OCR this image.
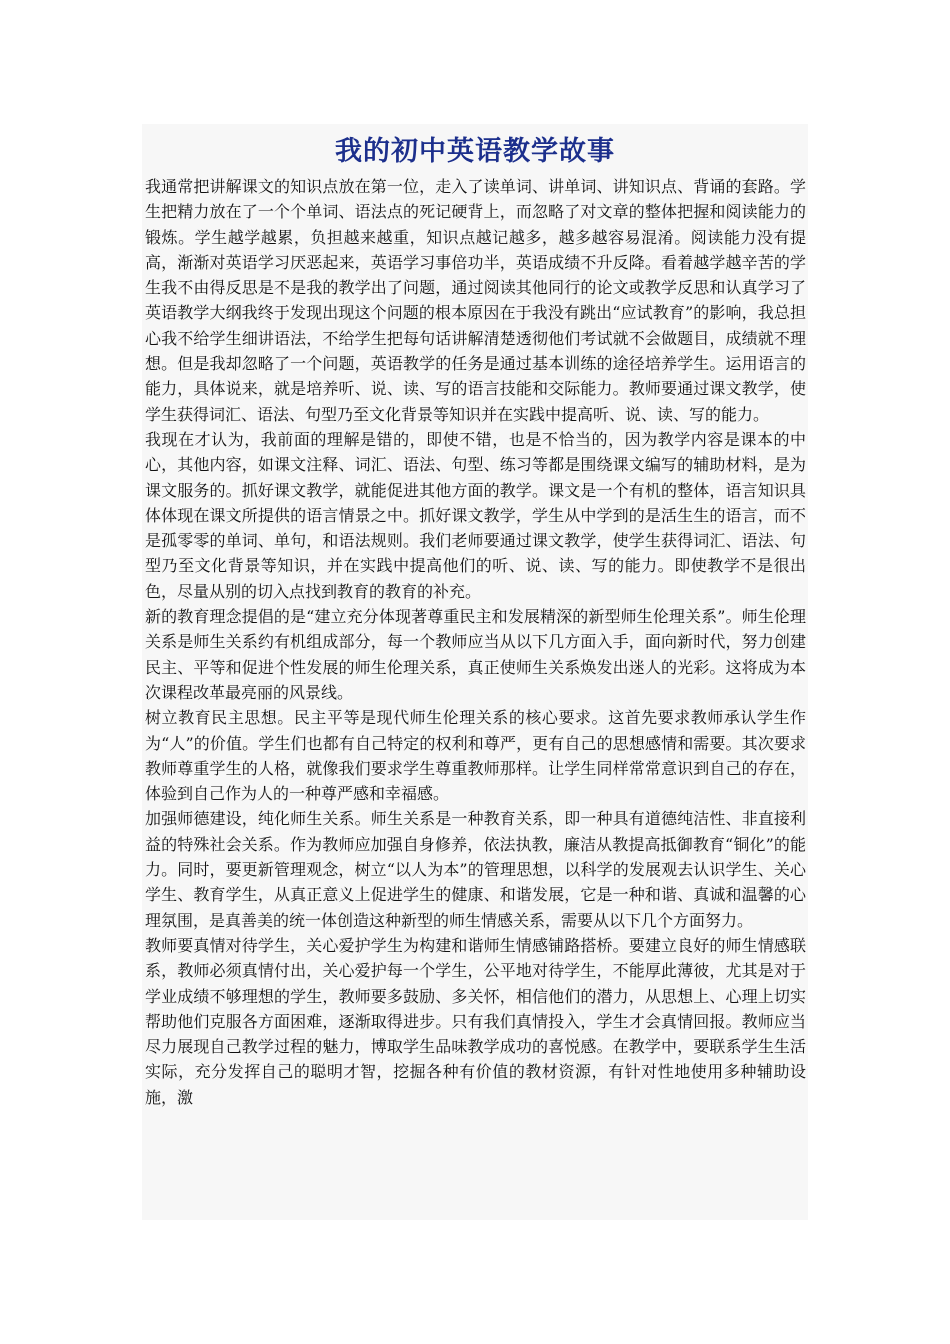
我的初中英语教学故事

我通常把讲解课文的知识点放在第一位，走入了读单词、讲单词、讲知识点、背诵的套路。学生把精力放在了一个个单词、语法点的死记硬背上，而忽略了对文章的整体把握和阅读能力的锻炼。学生越学越累，负担越来越重，知识点越记越多，越多越容易混淆。阅读能力没有提高，渐渐对英语学习厌恶起来，英语学习事倍功半，英语成绩不升反降。看着越学越辛苦的学生我不由得反思是不是我的教学出了问题，通过阅读其他同行的论文或教学反思和认真学习了英语教学大纲我终于发现出现这个问题的根本原因在于我没有跳出“应试教育”的影响，我总担心我不给学生细讲语法，不给学生把每句话讲解清楚透彻他们考试就不会做题目，成绩就不理想。但是我却忽略了一个问题，英语教学的任务是通过基本训练的途径培养学生。运用语言的能力，具体说来，就是培养听、说、读、写的语言技能和交际能力。教师要通过课文教学，使学生获得词汇、语法、句型乃至文化背景等知识并在实践中提高听、说、读、写的能力。

我现在才认为，我前面的理解是错的，即使不错，也是不恰当的，因为教学内容是课本的中心，其他内容，如课文注释、词汇、语法、句型、练习等都是围绕课文编写的辅助材料，是为课文服务的。抓好课文教学，就能促进其他方面的教学。课文是一个有机的整体，语言知识具体体现在课文所提供的语言情景之中。抓好课文教学，学生从中学到的是活生生的语言，而不是孤零零的单词、单句，和语法规则。我们老师要通过课文教学，使学生获得词汇、语法、句型乃至文化背景等知识，并在实践中提高他们的听、说、读、写的能力。即使教学不是很出色，尽量从别的切入点找到教育的教育的补充。

新的教育理念提倡的是“建立充分体现著尊重民主和发展精深的新型师生伦理关系”。师生伦理关系是师生关系约有机组成部分，每一个教师应当从以下几方面入手，面向新时代，努力创建民主、平等和促进个性发展的师生伦理关系，真正使师生关系焕发出迷人的光彩。这将成为本次课程改革最亮丽的风景线。

树立教育民主思想。民主平等是现代师生伦理关系的核心要求。这首先要求教师承认学生作为“人”的价值。学生们也都有自己特定的权利和尊严，更有自己的思想感情和需要。其次要求教师尊重学生的人格，就像我们要求学生尊重教师那样。让学生同样常常意识到自己的存在，体验到自己作为人的一种尊严感和幸福感。

加强师德建设，纯化师生关系。师生关系是一种教育关系，即一种具有道德纯洁性、非直接利益的特殊社会关系。作为教师应加强自身修养，依法执教，廉洁从教提高抵御教育“铜化”的能力。同时，要更新管理观念，树立“以人为本”的管理思想，以科学的发展观去认识学生、关心学生、教育学生，从真正意义上促进学生的健康、和谐发展，它是一种和谐、真诚和温馨的心理氛围，是真善美的统一体创造这种新型的师生情感关系，需要从以下几个方面努力。

教师要真情对待学生，关心爱护学生为构建和谐师生情感铺路搭桥。要建立良好的师生情感联系，教师必须真情付出，关心爱护每一个学生，公平地对待学生，不能厚此薄彼，尤其是对于学业成绩不够理想的学生，教师要多鼓励、多关怀，相信他们的潜力，从思想上、心理上切实帮助他们克服各方面困难，逐渐取得进步。只有我们真情投入，学生才会真情回报。教师应当尽力展现自己教学过程的魅力，博取学生品味教学成功的喜悦感。在教学中，要联系学生生活实际，充分发挥自己的聪明才智，挖掘各种有价值的教材资源，有针对性地使用多种辅助设施，激
